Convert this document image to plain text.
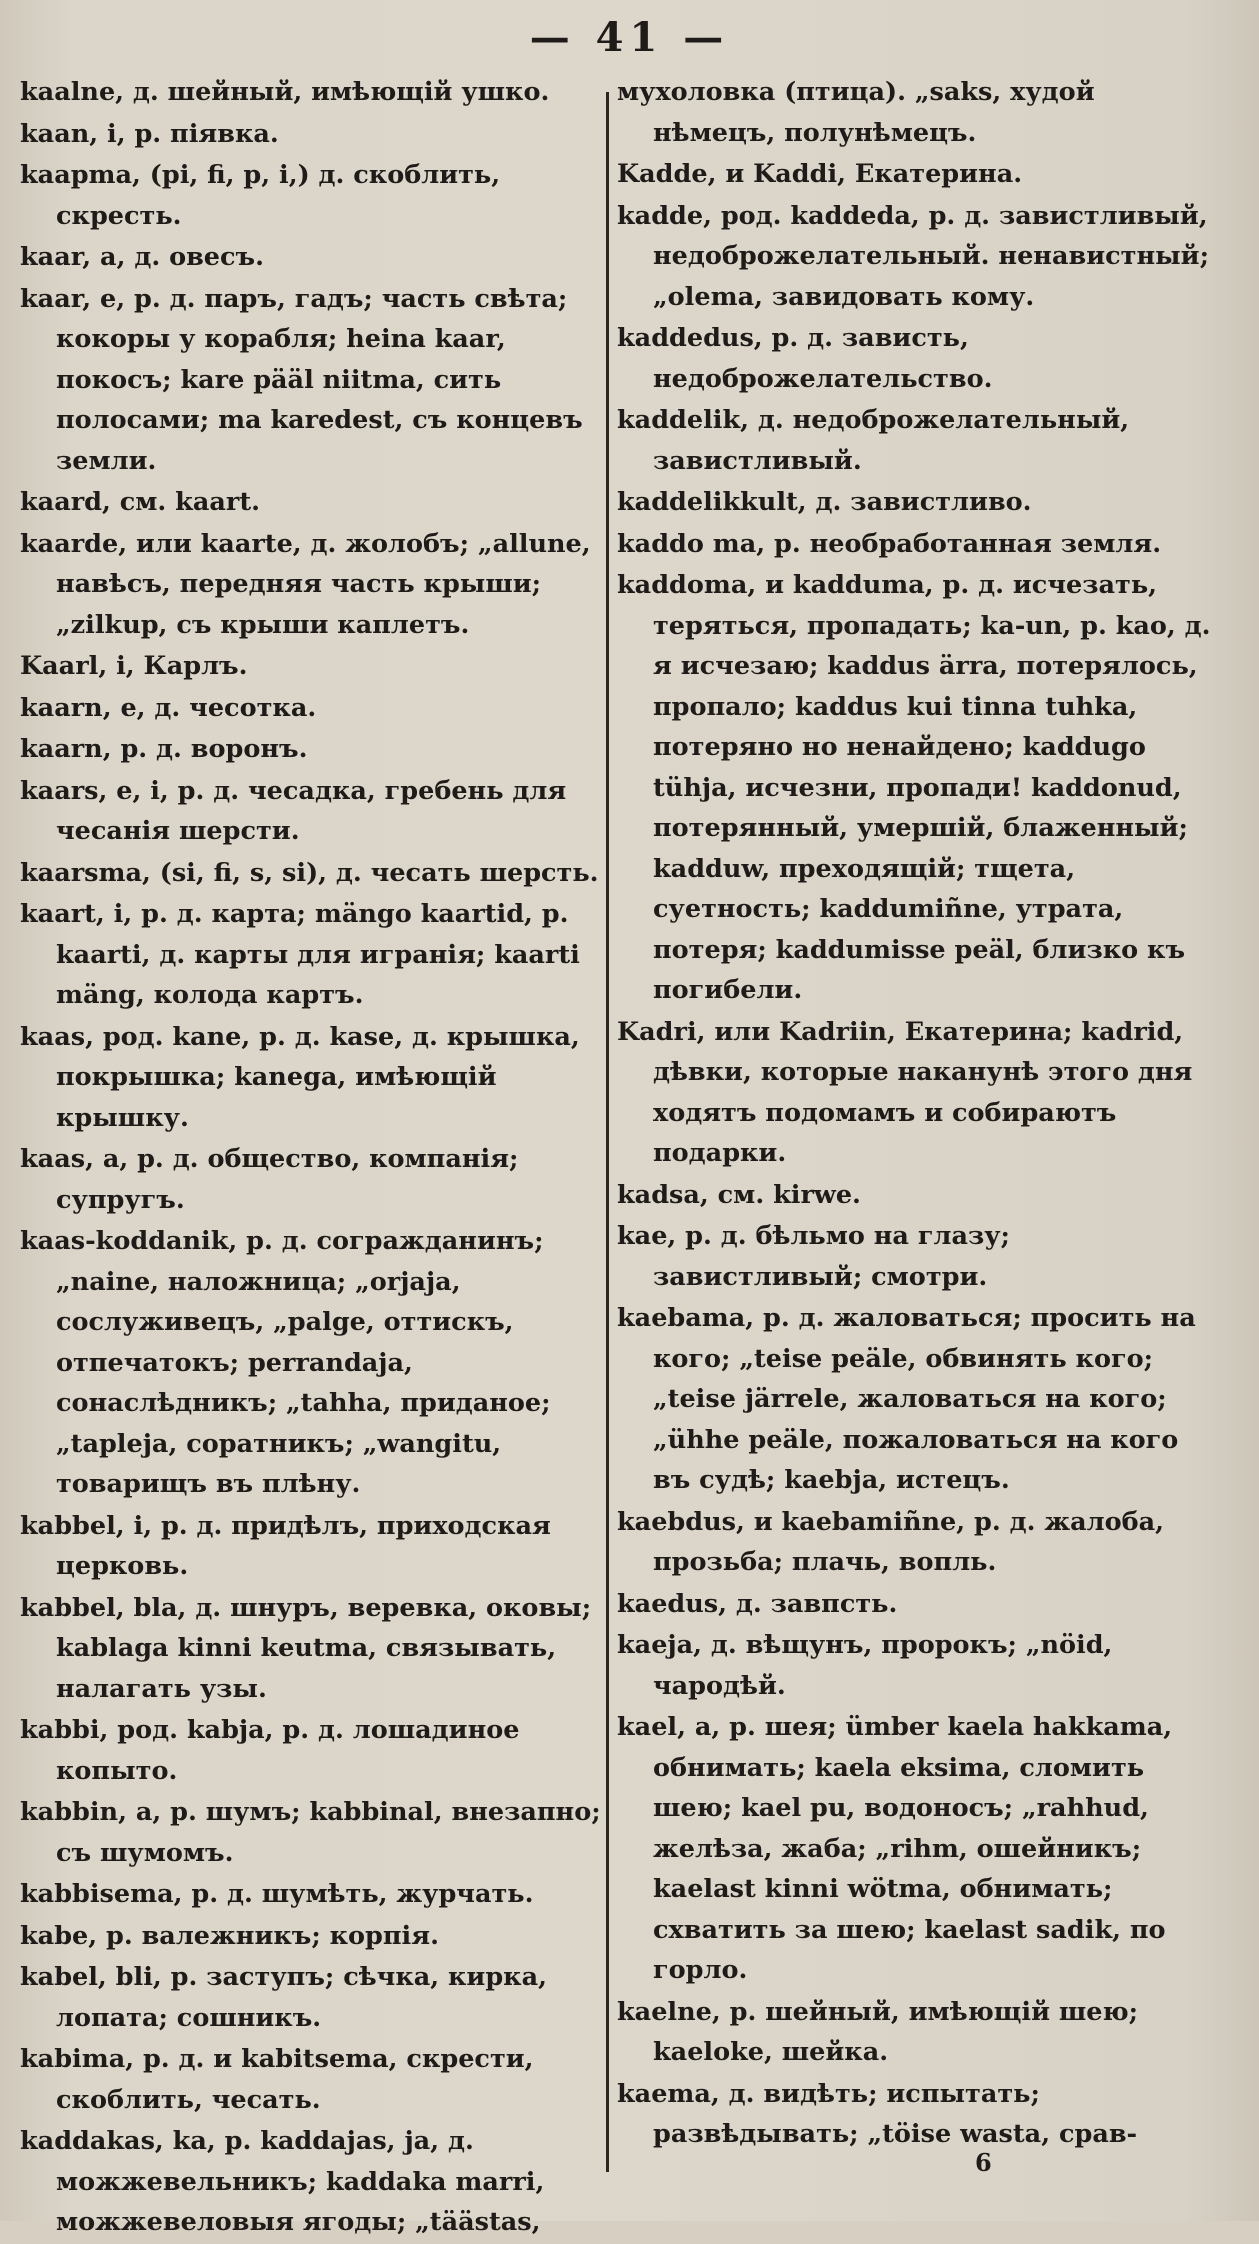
— 41 —
kaalne, д. шейный, имѣющій ушко.
kaan, i, р. пiявка.
kaapma, (pi, fi, p, i,) д. скоблить, скресть.
kaar, a, д. овесъ.
kaar, e, р. д. паръ, гадъ; часть свѣта; кокоры у корабля; heina kaar, покосъ; kare pääl niitma, сить полосами; ma karedest, съ концевъ земли.
kaard, см. kaart.
kaarde, или kaarte, д. жолобъ; „allune, навѣсъ, передняя часть крыши; „zilkup, съ крыши каплетъ.
Kaarl, i, Карлъ.
kaarn, e, д. чесотка.
kaarn, р. д. воронъ.
kaars, e, i, р. д. чесадка, гребень для чесанія шерсти.
kaarsma, (si, fi, s, si), д. чесать шерсть.
kaart, i, р. д. карта; mängo kaartid, р. kaarti, д. карты для игранія; kaarti mäng, колода картъ.
kaas, род. kane, р. д. kase, д. крышка, покрышка; kanega, имѣющій крышку.
kaas, a, р. д. общество, компанія; супругъ.
kaas-koddanik, р. д. согражданинъ; „naine, наложница; „orjaja, сослуживецъ, „palge, оттискъ, отпечатокъ; perrandaja, сонаслѣдникъ; „tahha, приданое; „tapleja, соратникъ; „wangitu, товарищъ въ плѣну.
kabbel, i, р. д. придѣлъ, приходская церковь.
kabbel, bla, д. шнуръ, веревка, оковы; kablaga kinni keutma, связывать, налагать узы.
kabbi, род. kabja, р. д. лошадиное копыто.
kabbin, a, р. шумъ; kabbinal, внезапно; съ шумомъ.
kabbisema, р. д. шумѣть, журчать.
kabe, р. валежникъ; корпія.
kabel, bli, р. заступъ; сѣчка, кирка, лопата; сошникъ.
kabima, р. д. и kabitsema, скрести, скоблить, чесать.
kaddakas, ka, р. kaddajas, ja, д. можжевельникъ; kaddaka marri, можжевеловыя ягоды; „täästas,
мухоловка (птица). „saks, худой нѣмецъ, полунѣмецъ.
Kadde, и Kaddi, Екатерина.
kadde, род. kaddeda, р. д. завистливый, недоброжелательный. ненавистный; „olema, завидовать кому.
kaddedus, р. д. зависть, недоброжелательство.
kaddelik, д. недоброжелательный, завистливый.
kaddelikkult, д. завистливо.
kaddo ma, р. необработанная земля.
kaddoma, и kadduma, р. д. исчезать, теряться, пропадать; ka-un, р. kao, д. я исчезаю; kaddus ärra, потерялось, пропало; kaddus kui tinna tuhka, потеряно но ненайдено; kaddugo tühja, исчезни, пропади! kaddonud, потерянный, умершій, блаженный; kadduw, преходящій; тщета, суетность; kaddumiñne, утрата, потеря; kaddumisse peäl, близко къ погибели.
Kadri, или Kadriin, Екатерина; kadrid, дѣвки, которые наканунѣ этого дня ходятъ подомамъ и собираютъ подарки.
kadsa, см. kirwe.
kae, р. д. бѣльмо на глазу; завистливый; смотри.
kaebama, р. д. жаловаться; просить на кого; „teise peäle, обвинять кого; „teise järrele, жаловаться на кого; „ühhe peäle, пожаловаться на кого въ судѣ; kaebja, истецъ.
kaebdus, и kaebamiñne, р. д. жалоба, прозьба; плачь, вопль.
kaedus, д. завпсть.
kaeja, д. вѣщунъ, пророкъ; „nöid, чародѣй.
kael, a, р. шея; ümber kaela hakkama, обнимать; kaela eksima, сломить шею; kael pu, водоносъ; „rahhud, желѣза, жаба; „rihm, ошейникъ; kaelast kinni wötma, обнимать; схватить за шею; kaelast sadik, по горло.
kaelne, р. шейный, имѣющій шею; kaeloke, шейка.
kaema, д. видѣть; испытать; развѣдывать; „töise wasta, срав-
6
